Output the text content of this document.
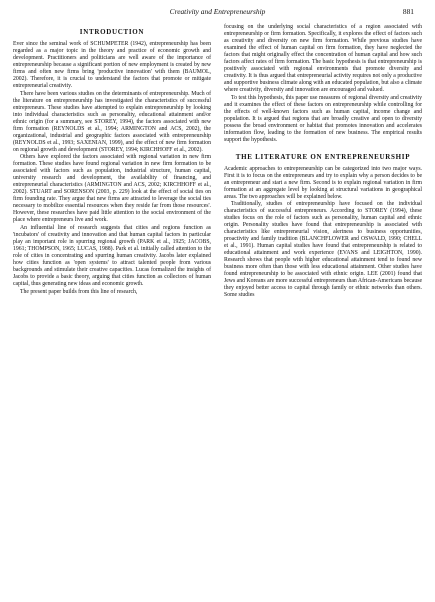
Creativity and Entrepreneurship	881
INTRODUCTION

Ever since the seminal work of SCHUMPETER (1942), entrepreneurship has been regarded as a major topic in the theory and practice of economic growth and development. Practitioners and politicians are well aware of the importance of entrepreneurship because a significant portion of new employment is created by new firms and often new firms bring 'productive innovation' with them (BAUMOL, 2002). Therefore, it is crucial to understand the factors that promote or mitigate entrepreneurial creativity.

There have been various studies on the determinants of entrepreneurship. Much of the literature on entrepreneurship has investigated the characteristics of successful entrepreneurs. These studies have attempted to explain entrepreneurship by looking into individual characteristics such as personality, educational attainment and/or ethnic origin (for a summary, see STOREY, 1994), the factors associated with new firm formation (REYNOLDS et al., 1994; ARMINGTON and ACS, 2002), the organizational, industrial and geographic factors associated with entrepreneurship (REYNOLDS et al., 1993; SAXENIAN, 1999), and the effect of new firm formation on regional growth and development (STOREY, 1994; KIRCHHOFF et al., 2002).

Others have explored the factors associated with regional variation in new firm formation. These studies have found regional variation in new firm formation to be associated with factors such as population, industrial structure, human capital, university research and development, the availability of financing, and entrepreneurial characteristics (ARMINGTON and ACS, 2002; KIRCHHOFF et al., 2002). STUART and SORENSON (2003, p. 229) look at the effect of social ties on firm founding rate. They argue that new firms are attracted to leverage the social ties necessary to mobilize essential resources when they reside far from those resources'. However, these researches have paid little attention to the social environment of the place where entrepreneurs live and work.

An influential line of research suggests that cities and regions function as 'incubators' of creativity and innovation and that human capital factors in particular play an important role in spurring regional growth (PARK et al., 1925; JACOBS, 1961; THOMPSON, 1965; LUCAS, 1988). Park et al. initially called attention to the role of cities in concentrating and spurring human creativity. Jacobs later explained how cities function as 'open systems' to attract talented people from various backgrounds and stimulate their creative capacities. Lucas formalized the insights of Jacobs to provide a basic theory, arguing that cities function as collectors of human capital, thus generating new ideas and economic growth.

The present paper builds from this line of research,

focusing on the underlying social characteristics of a region associated with entrepreneurship or firm formation. Specifically, it explores the effect of factors such as creativity and diversity on new firm formation. While previous studies have examined the effect of human capital on firm formation, they have neglected the factors that might originally effect the concentration of human capital and how such factors affect rates of firm formation. The basic hypothesis is that entrepreneurship is positively associated with regional environments that promote diversity and creativity. It is thus argued that entrepreneurial activity requires not only a productive and supportive business climate along with an educated population, but also a climate where creativity, diversity and innovation are encouraged and valued.

To test this hypothesis, this paper use measures of regional diversity and creativity and it examines the effect of these factors on entrepreneurship while controlling for the effects of well-known factors such as human capital, income change and population. It is argued that regions that are broadly creative and open to diversity possess the broad environment or habitat that promotes innovation and accelerates information flow, leading to the formation of new business. The empirical results support the hypothesis.

THE LITERATURE ON ENTREPRENEURSHIP

Academic approaches to entrepreneurship can be categorized into two major ways. First it is to focus on the entrepreneurs and try to explain why a person decides to be an entrepreneur and start a new firm. Second is to explain regional variation in firm formation at an aggregate level by looking at structural variations in geographical areas. The two approaches will be explained below.

Traditionally, studies of entrepreneurship have focused on the individual characteristics of successful entrepreneurs. According to STOREY (1994), these studies focus on the role of factors such as personality, human capital and ethnic origin. Personality studies have found that entrepreneurship is associated with characteristics like entrepreneurial vision, alertness to business opportunities, proactivity and family tradition (BLANCHFLOWER and OSWALD, 1990; CHELL et al., 1991). Human capital studies have found that entrepreneurship is related to educational attainment and work experience (EVANS and LEIGHTON, 1990). Research shows that people with higher educational attainment tend to found new business more often than those with less educational attainment. Other studies have found entrepreneurship to be associated with ethnic origin. LEE (2001) found that Jews and Koreans are more successful entrepreneurs than African-Americans because they enjoyed better access to capital through family or ethnic networks than others. Some studies
